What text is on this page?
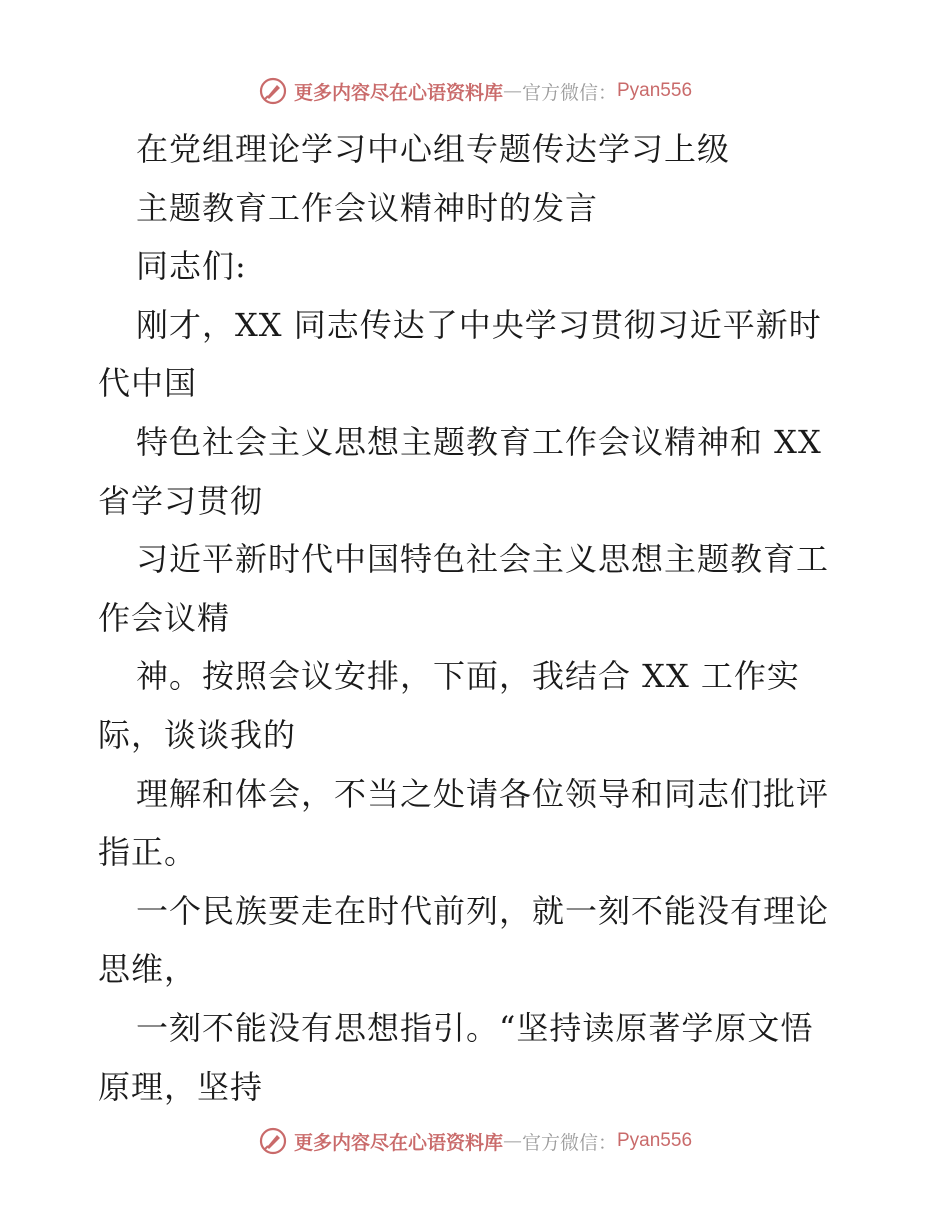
更多内容尽在心语资料库 — 官方微信： Pyan556
在党组理论学习中心组专题传达学习上级
主题教育工作会议精神时的发言
同志们:
刚才，XX 同志传达了中央学习贯彻习近平新时
代中国
特色社会主义思想主题教育工作会议精神和 XX
省学习贯彻
习近平新时代中国特色社会主义思想主题教育工
作会议精
神。按照会议安排，下面，我结合 XX 工作实
际，谈谈我的
理解和体会，不当之处请各位领导和同志们批评
指正。
一个民族要走在时代前列，就一刻不能没有理论
思维，
一刻不能没有思想指引。“坚持读原著学原文悟
原理，坚持
更多内容尽在心语资料库 — 官方微信： Pyan556
